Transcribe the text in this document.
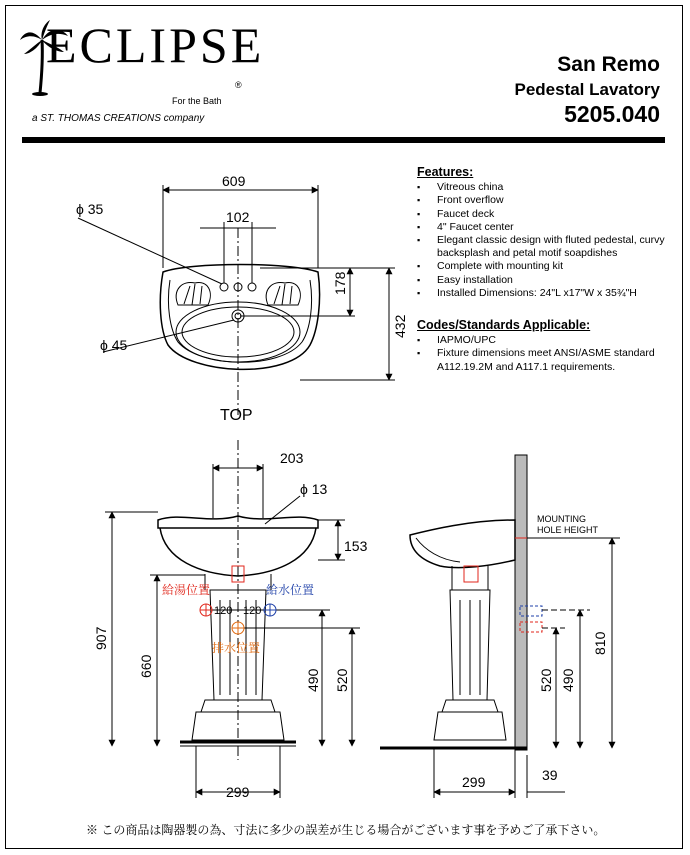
ECLIPSE
®
For the Bath
a ST. THOMAS CREATIONS company
San Remo
Pedestal Lavatory
5205.040
Features:
▪ Vitreous china
▪ Front overflow
▪ Faucet deck
▪ 4" Faucet center
▪ Elegant classic design with fluted pedestal, curvy backsplash and petal motif soapdishes
▪ Complete with mounting kit
▪ Easy installation
▪ Installed Dimensions: 24"L x17"W x 35¾"H
Codes/Standards Applicable:
▪ IAPMO/UPC
▪ Fixture dimensions meet ANSI/ASME standard A112.19.2M and A117.1 requirements.
609
ϕ 35	102
ϕ 45
178
432
TOP
203
ϕ 13
153
907
660
490 520
299
120 120
給湯位置	給水位置
排水位置
MOUNTING
HOLE HEIGHT
810
490
520
299	39
※ この商品は陶器製の為、寸法に多少の誤差が生じる場合がございます事を予めご了承下さい。
